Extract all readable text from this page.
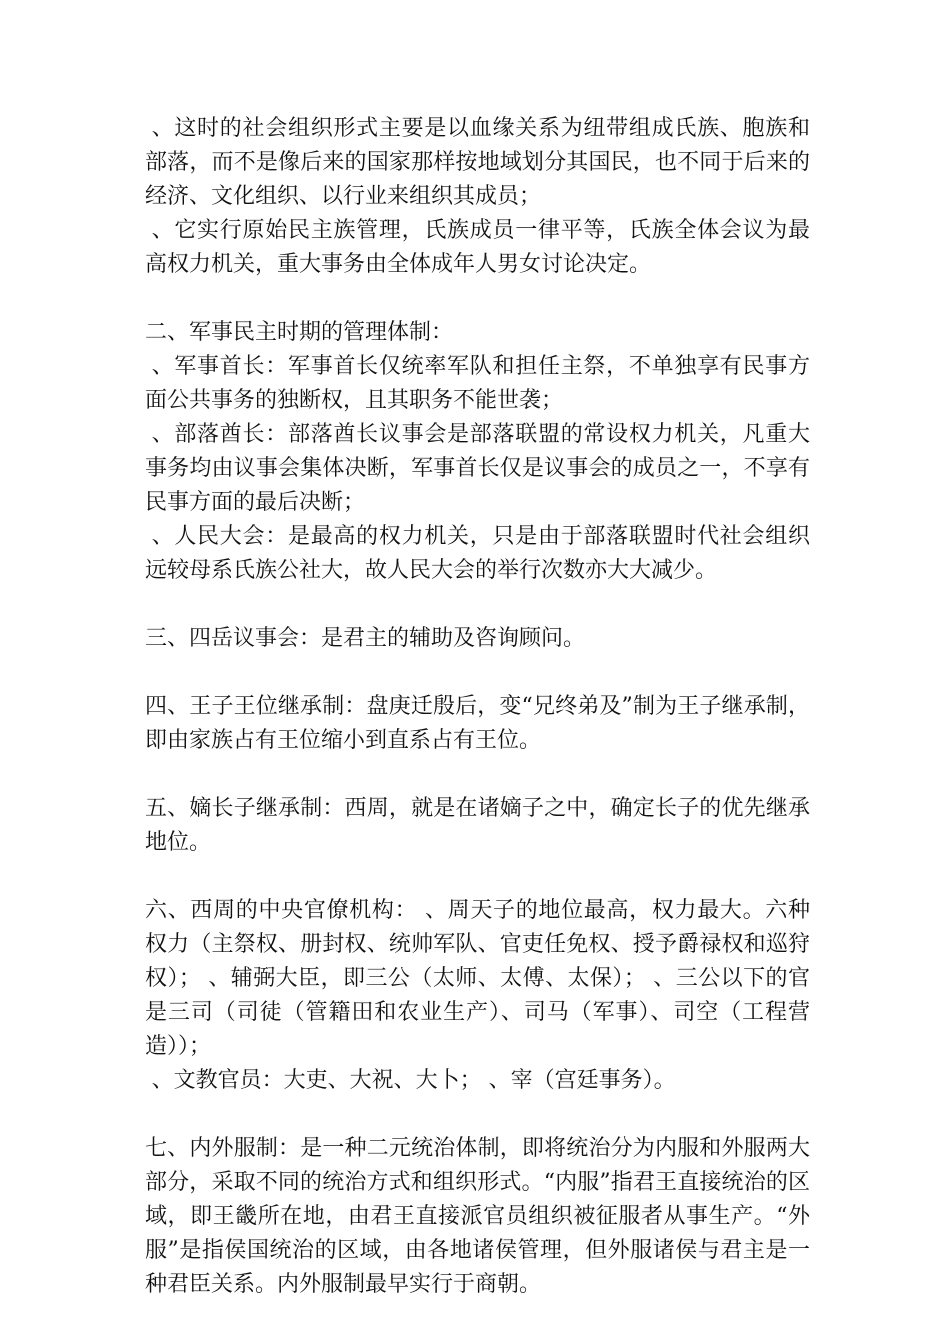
、这时的社会组织形式主要是以血缘关系为纽带组成氏族、胞族和部落，而不是像后来的国家那样按地域划分其国民，也不同于后来的经济、文化组织、以行业来组织其成员；

、它实行原始民主族管理，氏族成员一律平等，氏族全体会议为最高权力机关，重大事务由全体成年人男女讨论决定。

二、军事民主时期的管理体制：

、军事首长：军事首长仅统率军队和担任主祭，不单独享有民事方面公共事务的独断权，且其职务不能世袭；

、部落酋长：部落酋长议事会是部落联盟的常设权力机关，凡重大事务均由议事会集体决断，军事首长仅是议事会的成员之一，不享有民事方面的最后决断；

、人民大会：是最高的权力机关，只是由于部落联盟时代社会组织远较母系氏族公社大，故人民大会的举行次数亦大大减少。

三、四岳议事会：是君主的辅助及咨询顾问。

四、王子王位继承制：盘庚迁殷后，变“兄终弟及”制为王子继承制，即由家族占有王位缩小到直系占有王位。

五、嫡长子继承制：西周，就是在诸嫡子之中，确定长子的优先继承地位。

六、西周的中央官僚机构： 、周天子的地位最高，权力最大。六种权力（主祭权、册封权、统帅军队、官吏任免权、授予爵禄权和巡狩权）； 、辅弼大臣，即三公（太师、太傅、太保）； 、三公以下的官是三司（司徒（管籍田和农业生产）、司马（军事）、司空（工程营造））；

、文教官员：大吏、大祝、大卜； 、宰（宫廷事务）。

七、内外服制：是一种二元统治体制，即将统治分为内服和外服两大部分，采取不同的统治方式和组织形式。“内服”指君王直接统治的区域，即王畿所在地，由君王直接派官员组织被征服者从事生产。“外服”是指侯国统治的区域，由各地诸侯管理，但外服诸侯与君主是一种君臣关系。内外服制最早实行于商朝。
